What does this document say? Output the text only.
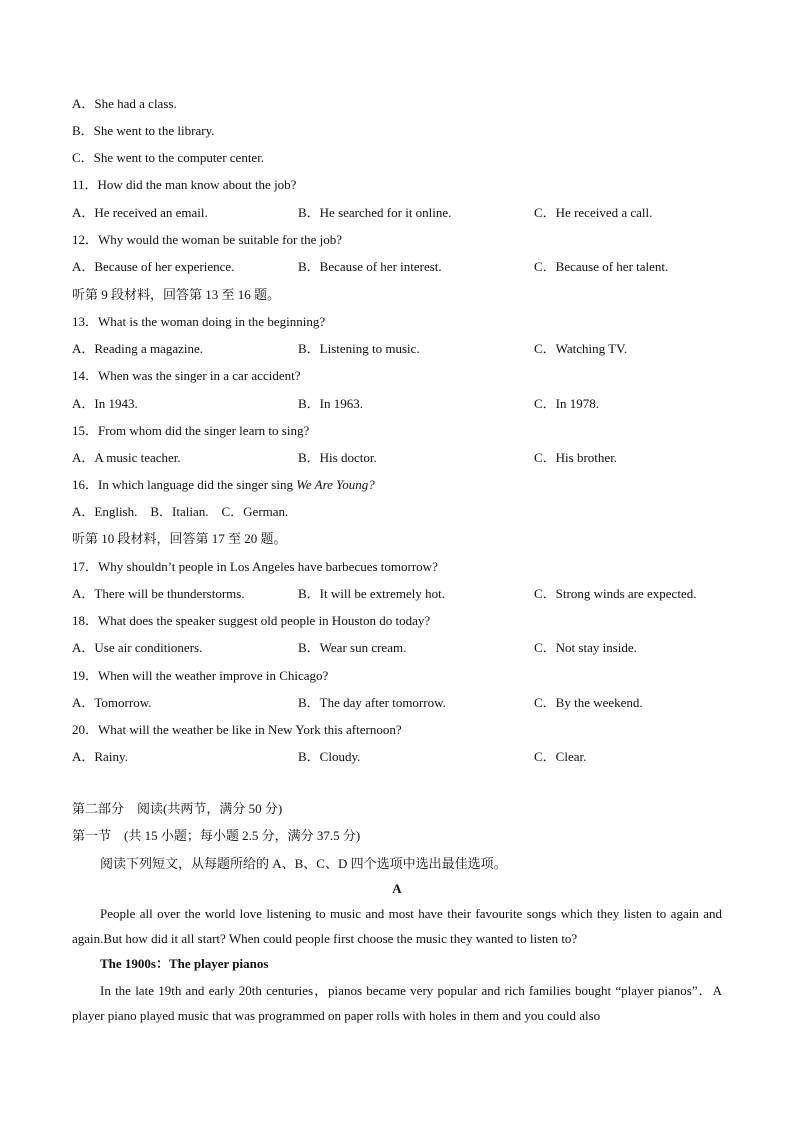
A．She had a class.
B．She went to the library.
C．She went to the computer center.
11．How did the man know about the job?
A．He received an email.	B．He searched for it online.	C．He received a call.
12．Why would the woman be suitable for the job?
A．Because of her experience.	B．Because of her interest.	C．Because of her talent.
听第 9 段材料，回答第 13 至 16 题。
13．What is the woman doing in the beginning?
A．Reading a magazine.	B．Listening to music.	C．Watching TV.
14．When was the singer in a car accident?
A．In 1943.	B．In 1963.	C．In 1978.
15．From whom did the singer learn to sing?
A．A music teacher.	B．His doctor.	C．His brother.
16．In which language did the singer sing We Are Young?
A．English.    B．Italian.    C．German.
听第 10 段材料，回答第 17 至 20 题。
17．Why shouldn’t people in Los Angeles have barbecues tomorrow?
A．There will be thunderstorms.	B．It will be extremely hot.	C．Strong winds are expected.
18．What does the speaker suggest old people in Houston do today?
A．Use air conditioners.	B．Wear sun cream.	C．Not stay inside.
19．When will the weather improve in Chicago?
A．Tomorrow.	B．The day after tomorrow.	C．By the weekend.
20．What will the weather be like in New York this afternoon?
A．Rainy.	B．Cloudy.	C．Clear.
第二部分　阅读(共两节，满分 50 分)
第一节　(共 15 小题；每小题 2.5 分，满分 37.5 分)
阅读下列短文，从每题所给的 A、B、C、D 四个选项中选出最佳选项。
A
People all over the world love listening to music and most have their favourite songs which they listen to again and again.But how did it all start? When could people first choose the music they wanted to listen to?
The 1900s：The player pianos
In the late 19th and early 20th centuries，pianos became very popular and rich families bought “player pianos”．A player piano played music that was programmed on paper rolls with holes in them and you could also
